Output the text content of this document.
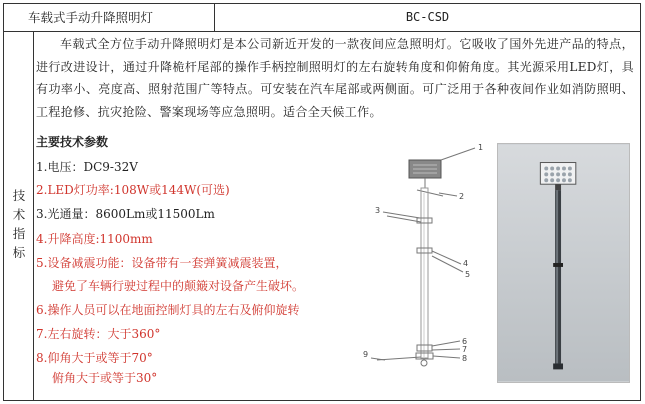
车载式手动升降照明灯	BC-CSD
技
术
指
标

车载式全方位手动升降照明灯是本公司新近开发的一款夜间应急照明灯。它吸收了国外先进产品的特点，进行改进设计，通过升降桅杆尾部的操作手柄控制照明灯的左右旋转角度和仰俯角度。其光源采用LED灯，具有功率小、亮度高、照射范围广等特点。可安装在汽车尾部或两侧面。可广泛用于各种夜间作业如消防照明、工程抢修、抗灾抢险、警案现场等应急照明。适合全天候工作。

主要技术参数
1.电压：DC9-32V
2.LED灯功率:108W或144W(可选)
3.光通量：8600Lm或11500Lm
4.升降高度:1100mm
5.设备减震功能：设备带有一套弹簧减震装置，
避免了车辆行驶过程中的颠簸对设备产生破坏。
6.操作人员可以在地面控制灯具的左右及俯仰旋转
7.左右旋转：大于360°
8.仰角大于或等于70°
俯角大于或等于30°
1
2
3
4
5
6
7
8
9
